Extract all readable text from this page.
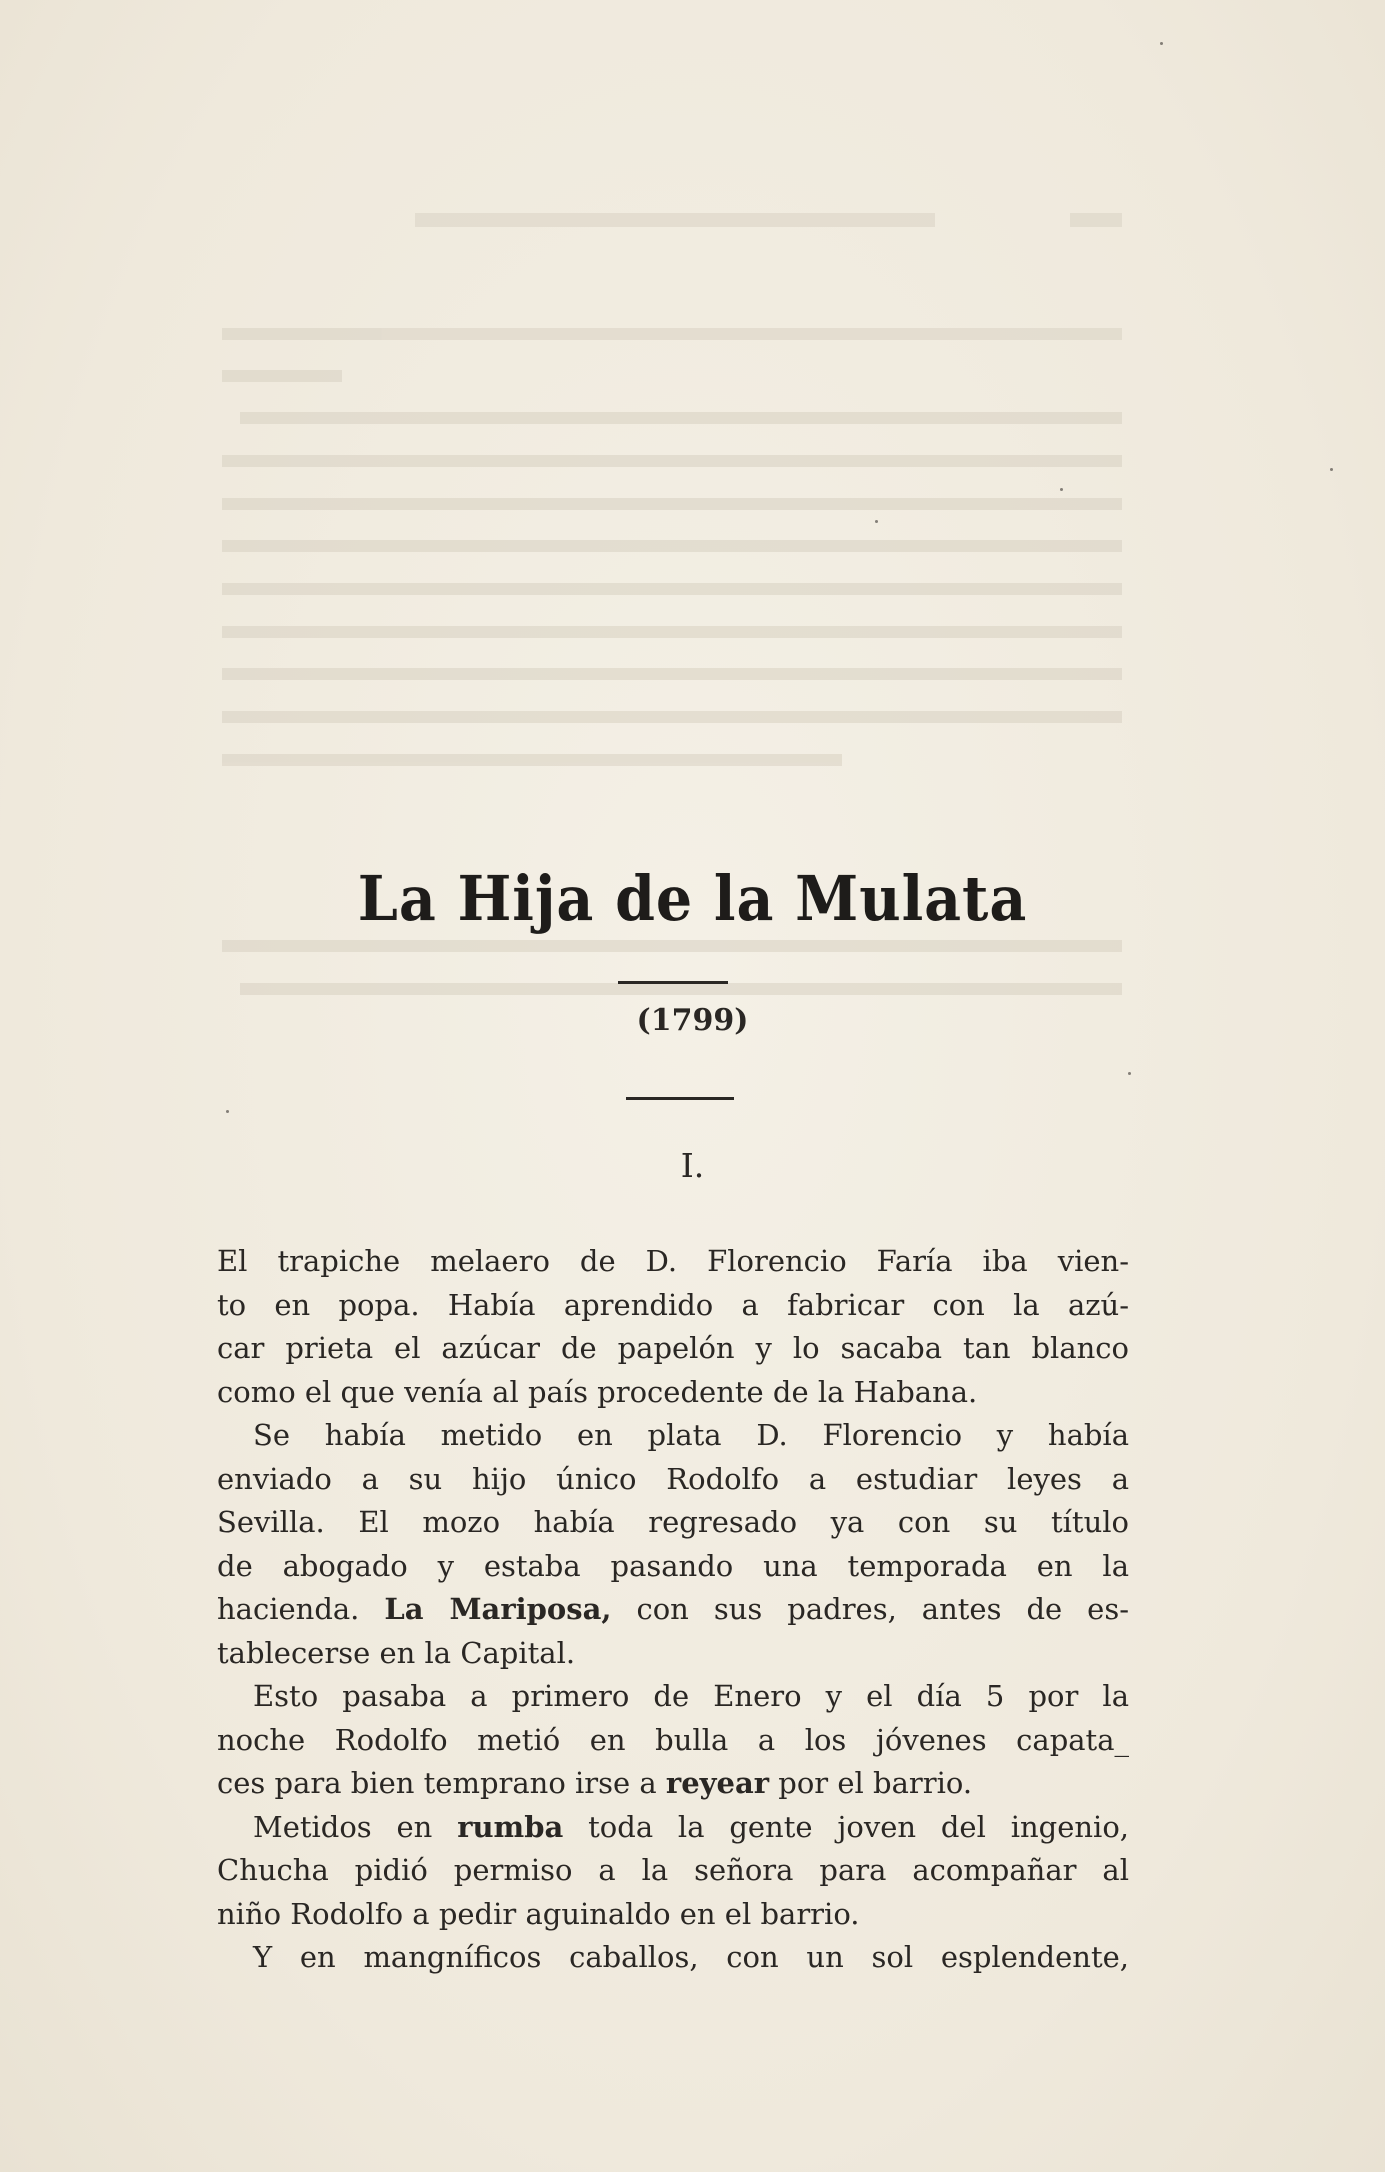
La Hija de la Mulata
(1799)
I.
El trapiche melaero de D. Florencio Faría iba vien-
to en popa. Había aprendido a fabricar con la azú-
car prieta el azúcar de papelón y lo sacaba tan blanco
como el que venía al país procedente de la Habana.
Se había metido en plata D. Florencio y había
enviado a su hijo único Rodolfo a estudiar leyes a
Sevilla. El mozo había regresado ya con su título
de abogado y estaba pasando una temporada en la
hacienda. La Mariposa, con sus padres, antes de es-
tablecerse en la Capital.
Esto pasaba a primero de Enero y el día 5 por la
noche Rodolfo metió en bulla a los jóvenes capata_
ces para bien temprano irse a reyear por el barrio.
Metidos en rumba toda la gente joven del ingenio,
Chucha pidió permiso a la señora para acompañar al
niño Rodolfo a pedir aguinaldo en el barrio.
Y en mangníficos caballos, con un sol esplendente,
